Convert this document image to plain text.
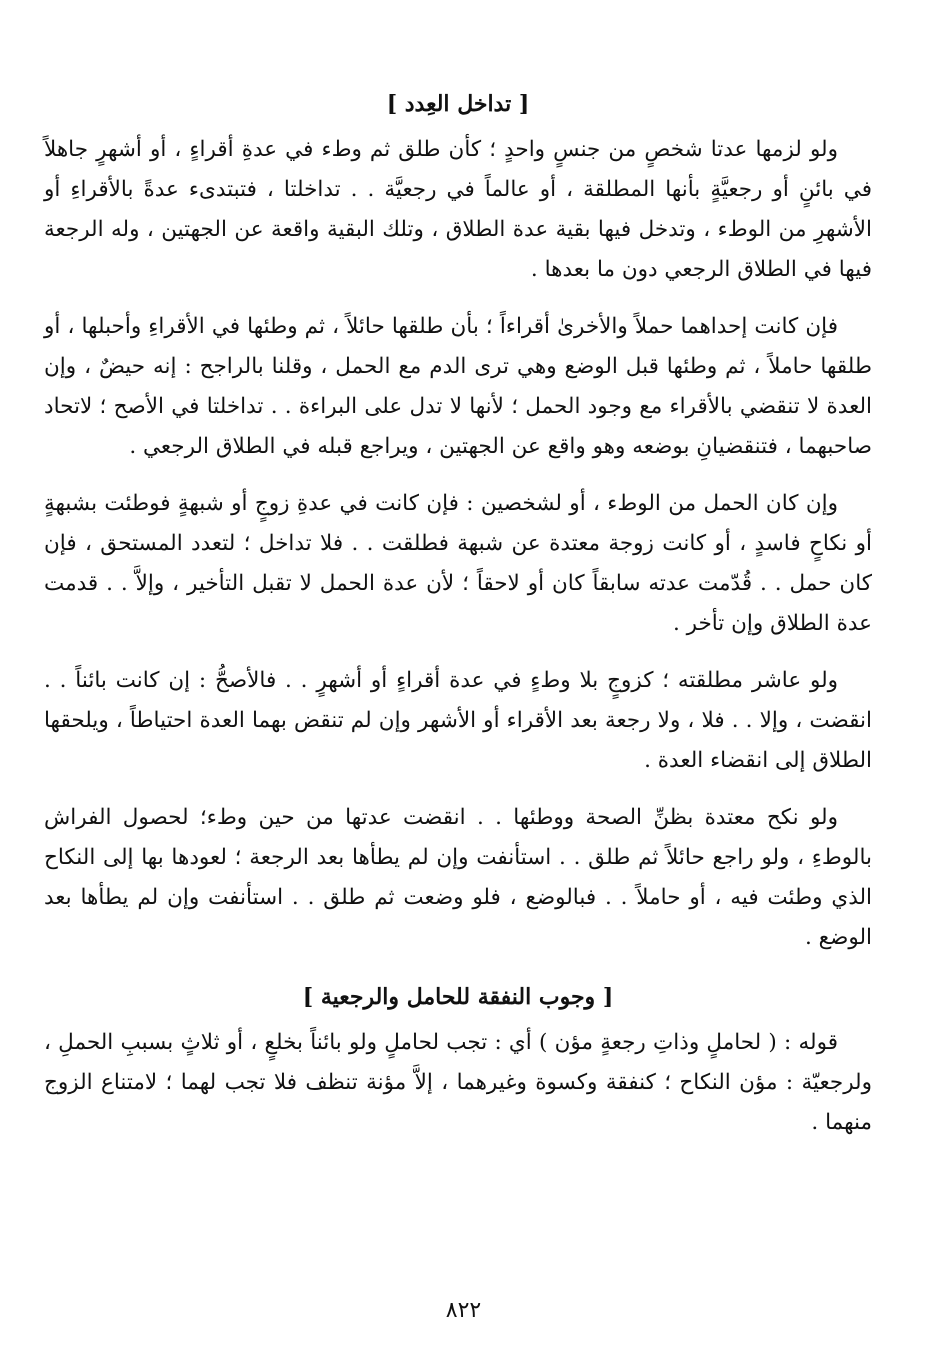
[ تداخل العِدد ]

ولو لزمها عدتا شخصٍ من جنسٍ واحدٍ ؛ كأن طلق ثم وطء في عدةِ أقراءٍ ، أو أشهرٍ جاهلاً في بائنٍ أو رجعيَّةٍ بأنها المطلقة ، أو عالماً في رجعيَّة . . تداخلتا ، فتبتدىء عدةً بالأقراءِ أو الأشهرِ من الوطء ، وتدخل فيها بقية عدة الطلاق ، وتلك البقية واقعة عن الجهتين ، وله الرجعة فيها في الطلاق الرجعي دون ما بعدها .

فإن كانت إحداهما حملاً والأخرىٰ أقراءاً ؛ بأن طلقها حائلاً ، ثم وطئها في الأقراءِ وأحبلها ، أو طلقها حاملاً ، ثم وطئها قبل الوضع وهي ترى الدم مع الحمل ، وقلنا بالراجح : إنه حيضٌ ، وإن العدة لا تنقضي بالأقراء مع وجود الحمل ؛ لأنها لا تدل على البراءة . . تداخلتا في الأصح ؛ لاتحاد صاحبهما ، فتنقضيانِ بوضعه وهو واقع عن الجهتين ، ويراجع قبله في الطلاق الرجعي .

وإن كان الحمل من الوطء ، أو لشخصين : فإن كانت في عدةِ زوجٍ أو شبهةٍ فوطئت بشبهةٍ أو نكاحٍ فاسدٍ ، أو كانت زوجة معتدة عن شبهة فطلقت . . فلا تداخل ؛ لتعدد المستحق ، فإن كان حمل . . قُدّمت عدته سابقاً كان أو لاحقاً ؛ لأن عدة الحمل لا تقبل التأخير ، وإلاَّ . . قدمت عدة الطلاق وإن تأخر .

ولو عاشر مطلقته ؛ كزوجٍ بلا وطءٍ في عدة أقراءٍ أو أشهرٍ . . فالأصحُّ : إن كانت بائناً . . انقضت ، وإلا . . فلا ، ولا رجعة بعد الأقراء أو الأشهر وإن لم تنقض بهما العدة احتياطاً ، ويلحقها الطلاق إلى انقضاء العدة .

ولو نكح معتدة بظنِّ الصحة ووطئها . . انقضت عدتها من حين وطء؛ لحصول الفراش بالوطءِ ، ولو راجع حائلاً ثم طلق . . استأنفت وإن لم يطأها بعد الرجعة ؛ لعودها بها إلى النكاح الذي وطئت فيه ، أو حاملاً . . فبالوضع ، فلو وضعت ثم طلق . . استأنفت وإن لم يطأها بعد الوضع .

[ وجوب النفقة للحامل والرجعية ]

قوله : ( لحاملٍ وذاتِ رجعةٍ مؤن ) أي : تجب لحاملٍ ولو بائناً بخلعٍ ، أو ثلاثٍ بسببِ الحملِ ، ولرجعيّة : مؤن النكاح ؛ كنفقة وكسوة وغيرهما ، إلاَّ مؤنة تنظف فلا تجب لهما ؛ لامتناع الزوج منهما .

٨٢٢
